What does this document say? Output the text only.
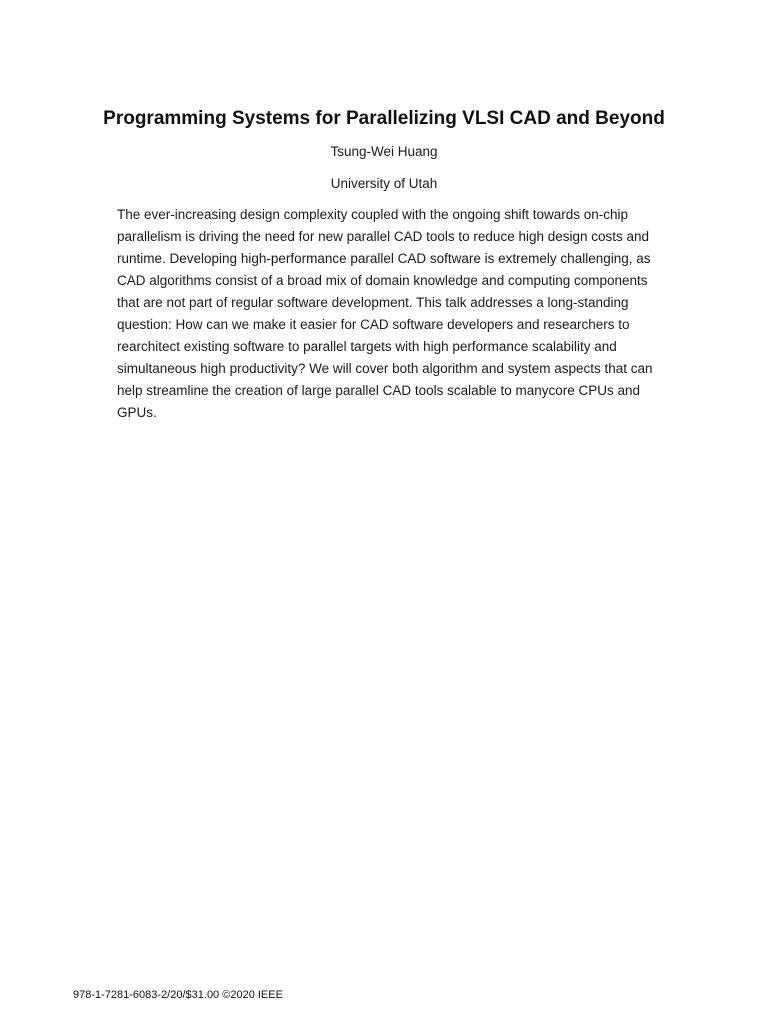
Programming Systems for Parallelizing VLSI CAD and Beyond
Tsung-Wei Huang
University of Utah

The ever-increasing design complexity coupled with the ongoing shift towards on-chip parallelism is driving the need for new parallel CAD tools to reduce high design costs and runtime. Developing high-performance parallel CAD software is extremely challenging, as CAD algorithms consist of a broad mix of domain knowledge and computing components that are not part of regular software development. This talk addresses a long-standing question: How can we make it easier for CAD software developers and researchers to rearchitect existing software to parallel targets with high performance scalability and simultaneous high productivity? We will cover both algorithm and system aspects that can help streamline the creation of large parallel CAD tools scalable to manycore CPUs and GPUs.

978-1-7281-6083-2/20/$31.00 ©2020 IEEE
